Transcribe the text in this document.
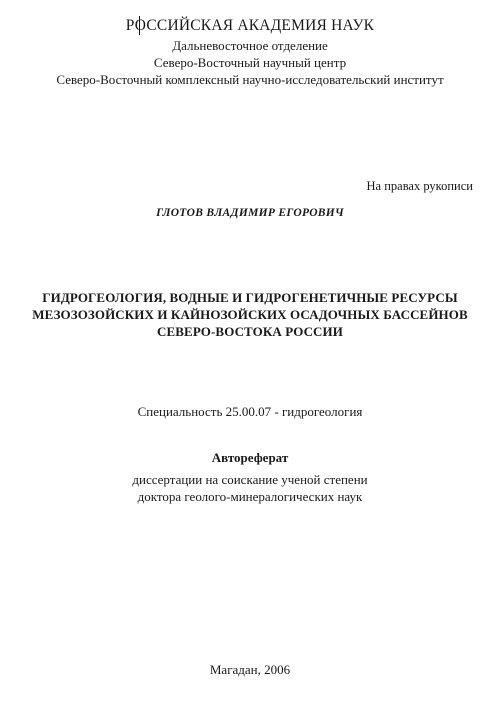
РОССИЙСКАЯ АКАДЕМИЯ НАУК
Дальневосточное отделение
Северо-Восточный научный центр
Северо-Восточный комплексный научно-исследовательский институт
На правах рукописи
ГЛОТОВ ВЛАДИМИР ЕГОРОВИЧ
ГИДРОГЕОЛОГИЯ, ВОДНЫЕ И ГИДРОГЕНЕТИЧНЫЕ РЕСУРСЫ
МЕЗОЗОЗОЙСКИХ И КАЙНОЗОЙСКИХ ОСАДОЧНЫХ БАССЕЙНОВ
СЕВЕРО-ВОСТОКА РОССИИ
Специальность 25.00.07 - гидрогеология
Автореферат
диссертации на соискание ученой степени
доктора геолого-минералогических наук
Магадан, 2006
